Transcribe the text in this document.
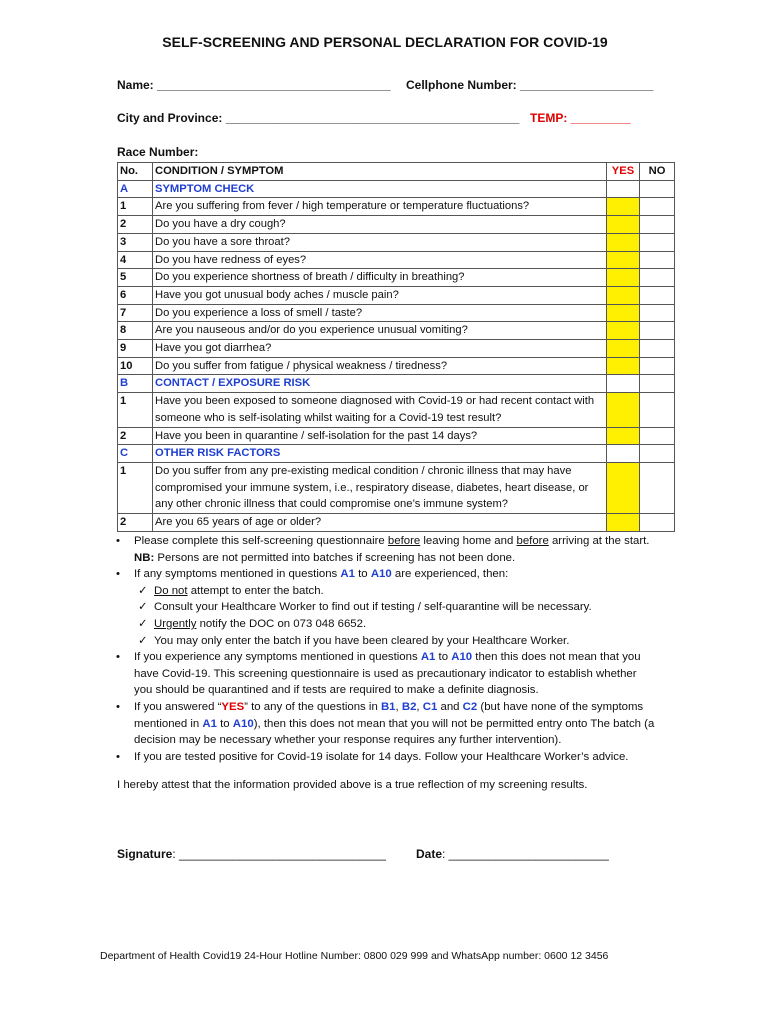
SELF-SCREENING AND PERSONAL DECLARATION FOR COVID-19
Name: ___________________________________ Cellphone Number: ____________________
City and Province: ____________________________________________ TEMP: _________
Race Number:
No.	CONDITION / SYMPTOM	YES	NO
A	SYMPTOM CHECK		
1	Are you suffering from fever / high temperature or temperature fluctuations?		
2	Do you have a dry cough?		
3	Do you have a sore throat?		
4	Do you have redness of eyes?		
5	Do you experience shortness of breath / difficulty in breathing?		
6	Have you got unusual body aches / muscle pain?		
7	Do you experience a loss of smell / taste?		
8	Are you nauseous and/or do you experience unusual vomiting?		
9	Have you got diarrhea?		
10	Do you suffer from fatigue / physical weakness / tiredness?		
B	CONTACT / EXPOSURE RISK		
1	Have you been exposed to someone diagnosed with Covid-19 or had recent contact with someone who is self-isolating whilst waiting for a Covid-19 test result?		
2	Have you been in quarantine / self-isolation for the past 14 days?		
C	OTHER RISK FACTORS		
1	Do you suffer from any pre-existing medical condition / chronic illness that may have compromised your immune system, i.e., respiratory disease, diabetes, heart disease, or any other chronic illness that could compromise one’s immune system?		
2	Are you 65 years of age or older?		
• Please complete this self-screening questionnaire before leaving home and before arriving at the start. NB: Persons are not permitted into batches if screening has not been done.
• If any symptoms mentioned in questions A1 to A10 are experienced, then:
✓ Do not attempt to enter the batch.
✓ Consult your Healthcare Worker to find out if testing / self-quarantine will be necessary.
✓ Urgently notify the DOC on 073 048 6652.
✓ You may only enter the batch if you have been cleared by your Healthcare Worker.
• If you experience any symptoms mentioned in questions A1 to A10 then this does not mean that you have Covid-19. This screening questionnaire is used as precautionary indicator to establish whether you should be quarantined and if tests are required to make a definite diagnosis.
• If you answered “YES” to any of the questions in B1, B2, C1 and C2 (but have none of the symptoms mentioned in A1 to A10), then this does not mean that you will not be permitted entry onto The batch (a decision may be necessary whether your response requires any further intervention).
• If you are tested positive for Covid-19 isolate for 14 days. Follow your Healthcare Worker’s advice.
I hereby attest that the information provided above is a true reflection of my screening results.
Signature: _______________________________	Date: ________________________
Department of Health Covid19 24-Hour Hotline Number: 0800 029 999 and WhatsApp number: 0600 12 3456
